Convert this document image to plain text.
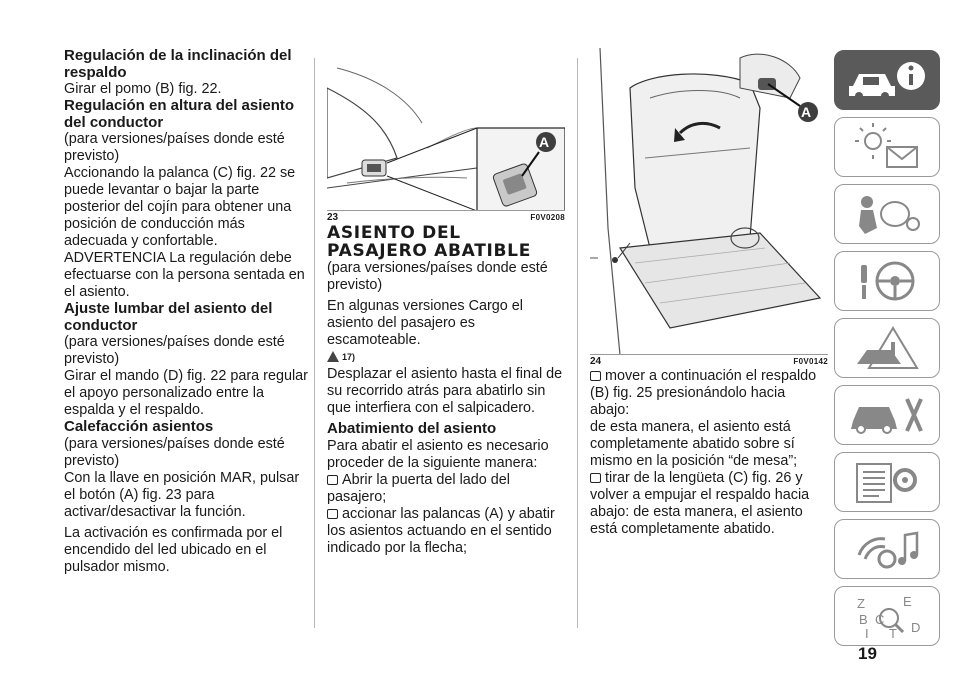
Regulación de la inclinación del respaldo

Girar el pomo (B) fig. 22.

Regulación en altura del asiento del conductor

(para versiones/países donde esté previsto)

Accionando la palanca (C) fig. 22 se puede levantar o bajar la parte posterior del cojín para obtener una posición de conducción más adecuada y confortable.

ADVERTENCIA La regulación debe efectuarse con la persona sentada en el asiento.

Ajuste lumbar del asiento del conductor

(para versiones/países donde esté previsto)

Girar el mando (D) fig. 22 para regular el apoyo personalizado entre la espalda y el respaldo.

Calefacción asientos

(para versiones/países donde esté previsto)

Con la llave en posición MAR, pulsar el botón (A) fig. 23 para activar/desactivar la función.

La activación es confirmada por el encendido del led ubicado en el pulsador mismo.

A
23	F0V0208

ASIENTO DEL PASAJERO ABATIBLE

(para versiones/países donde esté previsto)

En algunas versiones Cargo el asiento del pasajero es escamoteable.

17)

Desplazar el asiento hasta el final de su recorrido atrás para abatirlo sin que interfiera con el salpicadero.

Abatimiento del asiento

Para abatir el asiento es necesario proceder de la siguiente manera:

Abrir la puerta del lado del pasajero;

accionar las palancas (A) y abatir los asientos actuando en el sentido indicado por la flecha;

A
24	F0V0142

mover a continuación el respaldo (B) fig. 25 presionándolo hacia abajo:

de esta manera, el asiento está completamente abatido sobre sí mismo en la posición “de mesa”;

tirar de la lengüeta (C) fig. 26 y volver a empujar el respaldo hacia abajo: de esta manera, el asiento está completamente abatido.

Z	E
B
I
C
T D
19
